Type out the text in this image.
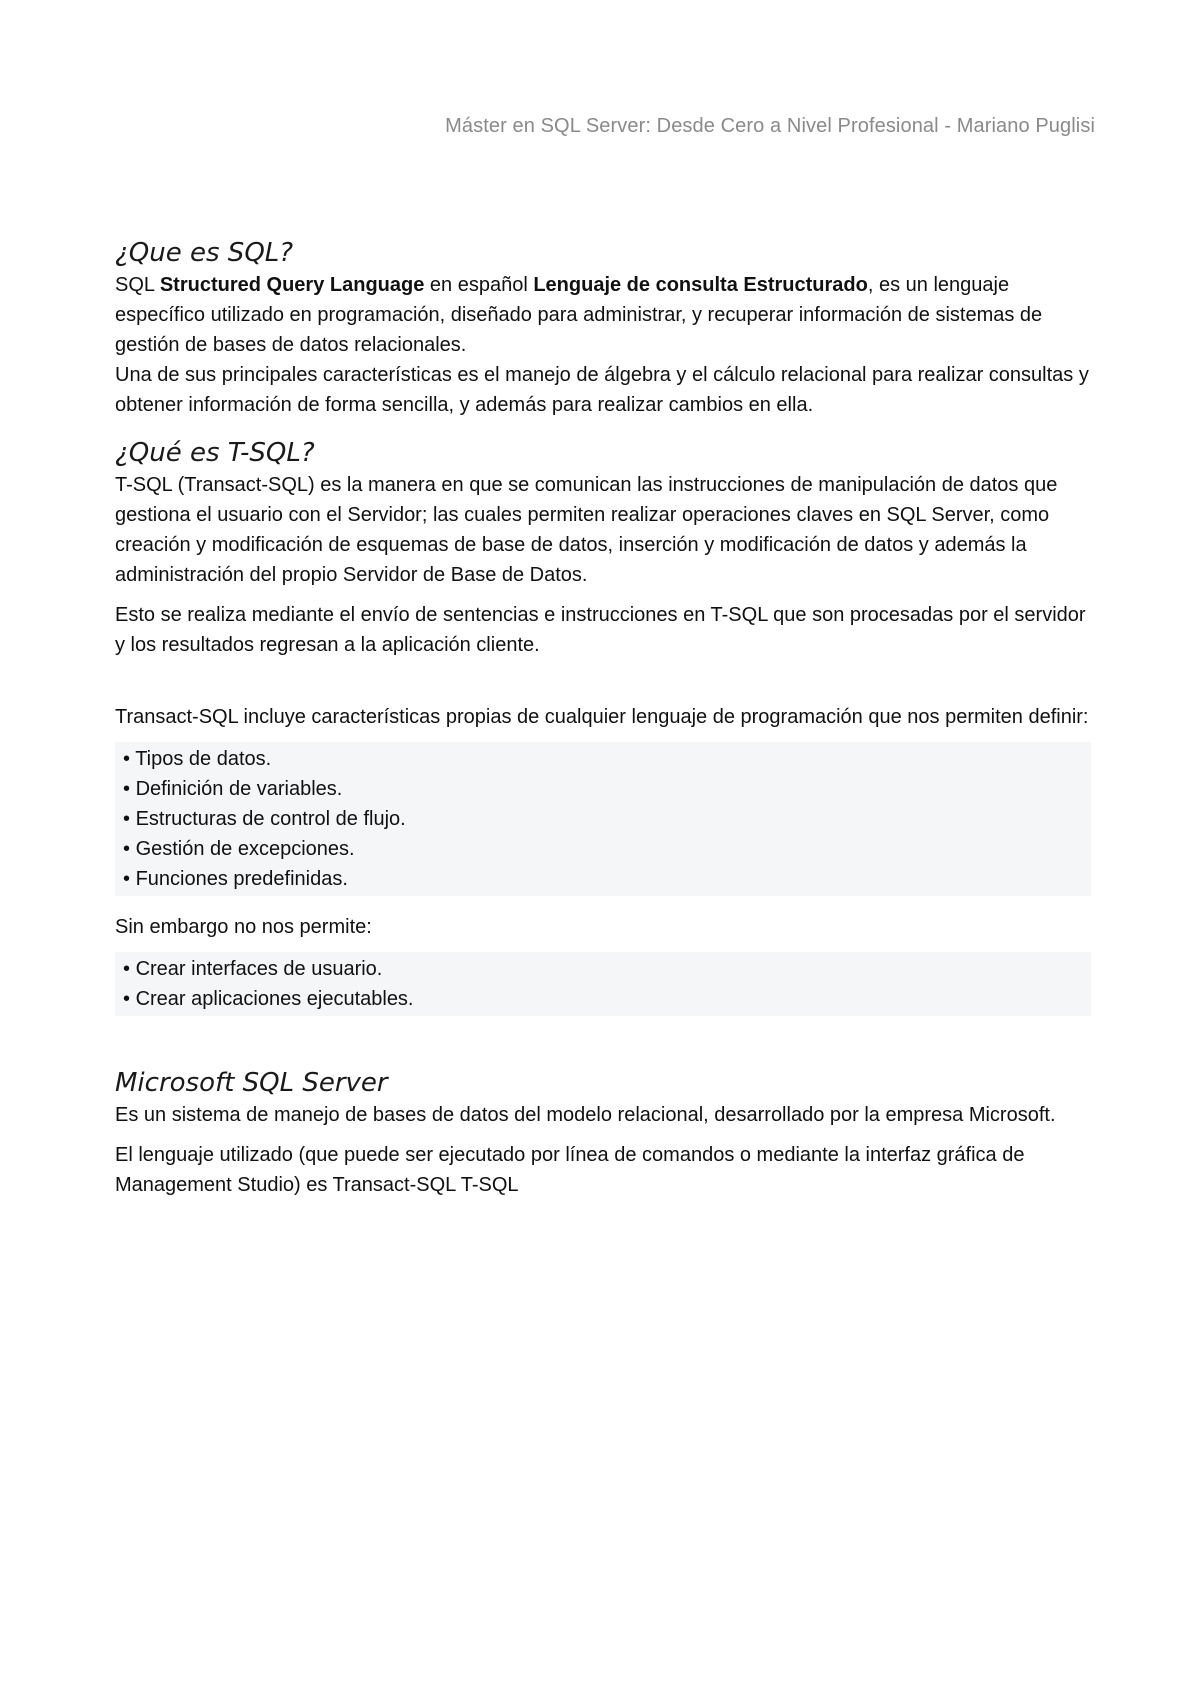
Máster en SQL Server: Desde Cero a Nivel Profesional - Mariano Puglisi
¿Que es SQL?

SQL Structured Query Language en español Lenguaje de consulta Estructurado, es un lenguaje específico utilizado en programación, diseñado para administrar, y recuperar información de sistemas de gestión de bases de datos relacionales.

Una de sus principales características es el manejo de álgebra y el cálculo relacional para realizar consultas y obtener información de forma sencilla, y además para realizar cambios en ella.

¿Qué es T-SQL?

T-SQL (Transact-SQL) es la manera en que se comunican las instrucciones de manipulación de datos que gestiona el usuario con el Servidor; las cuales permiten realizar operaciones claves en SQL Server, como creación y modificación de esquemas de base de datos, inserción y modificación de datos y además la administración del propio Servidor de Base de Datos.

Esto se realiza mediante el envío de sentencias e instrucciones en T-SQL que son procesadas por el servidor y los resultados regresan a la aplicación cliente.

Transact-SQL incluye características propias de cualquier lenguaje de programación que nos permiten definir:

• Tipos de datos.
• Definición de variables.
• Estructuras de control de flujo.
• Gestión de excepciones.
• Funciones predefinidas.

Sin embargo no nos permite:

• Crear interfaces de usuario.
• Crear aplicaciones ejecutables.
Microsoft SQL Server

Es un sistema de manejo de bases de datos del modelo relacional, desarrollado por la empresa Microsoft.

El lenguaje utilizado (que puede ser ejecutado por línea de comandos o mediante la interfaz gráfica de Management Studio) es Transact-SQL T-SQL
